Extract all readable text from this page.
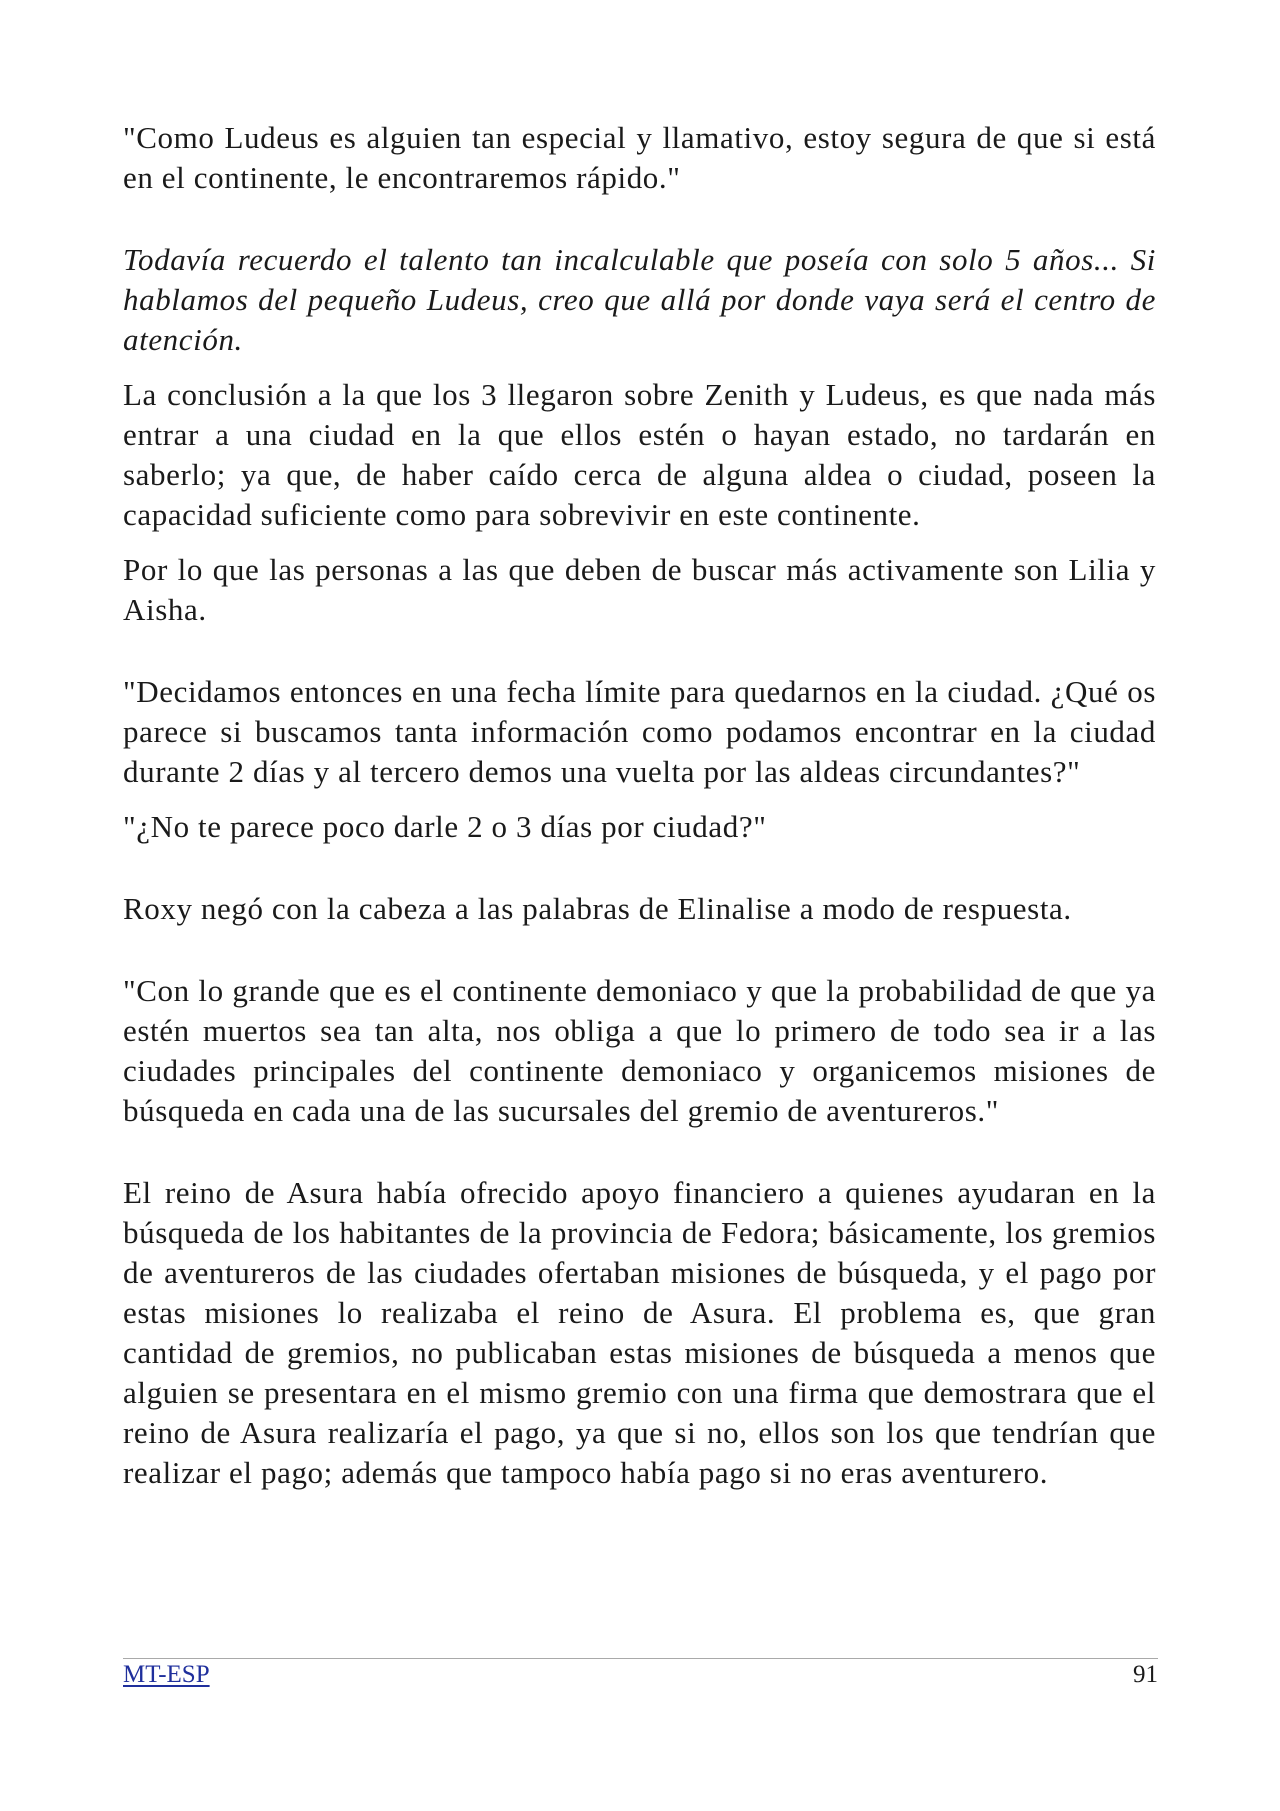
"Como Ludeus es alguien tan especial y llamativo, estoy segura de que si está en el continente, le encontraremos rápido."

Todavía recuerdo el talento tan incalculable que poseía con solo 5 años... Si hablamos del pequeño Ludeus, creo que allá por donde vaya será el centro de atención.

La conclusión a la que los 3 llegaron sobre Zenith y Ludeus, es que nada más entrar a una ciudad en la que ellos estén o hayan estado, no tardarán en saberlo; ya que, de haber caído cerca de alguna aldea o ciudad, poseen la capacidad suficiente como para sobrevivir en este continente.

Por lo que las personas a las que deben de buscar más activamente son Lilia y Aisha.

"Decidamos entonces en una fecha límite para quedarnos en la ciudad. ¿Qué os parece si buscamos tanta información como podamos encontrar en la ciudad durante 2 días y al tercero demos una vuelta por las aldeas circundantes?"

"¿No te parece poco darle 2 o 3 días por ciudad?"

Roxy negó con la cabeza a las palabras de Elinalise a modo de respuesta.

"Con lo grande que es el continente demoniaco y que la probabilidad de que ya estén muertos sea tan alta, nos obliga a que lo primero de todo sea ir a las ciudades principales del continente demoniaco y organicemos misiones de búsqueda en cada una de las sucursales del gremio de aventureros."

El reino de Asura había ofrecido apoyo financiero a quienes ayudaran en la búsqueda de los habitantes de la provincia de Fedora; básicamente, los gremios de aventureros de las ciudades ofertaban misiones de búsqueda, y el pago por estas misiones lo realizaba el reino de Asura. El problema es, que gran cantidad de gremios, no publicaban estas misiones de búsqueda a menos que alguien se presentara en el mismo gremio con una firma que demostrara que el reino de Asura realizaría el pago, ya que si no, ellos son los que tendrían que realizar el pago; además que tampoco había pago si no eras aventurero.

MT-ESP	91
